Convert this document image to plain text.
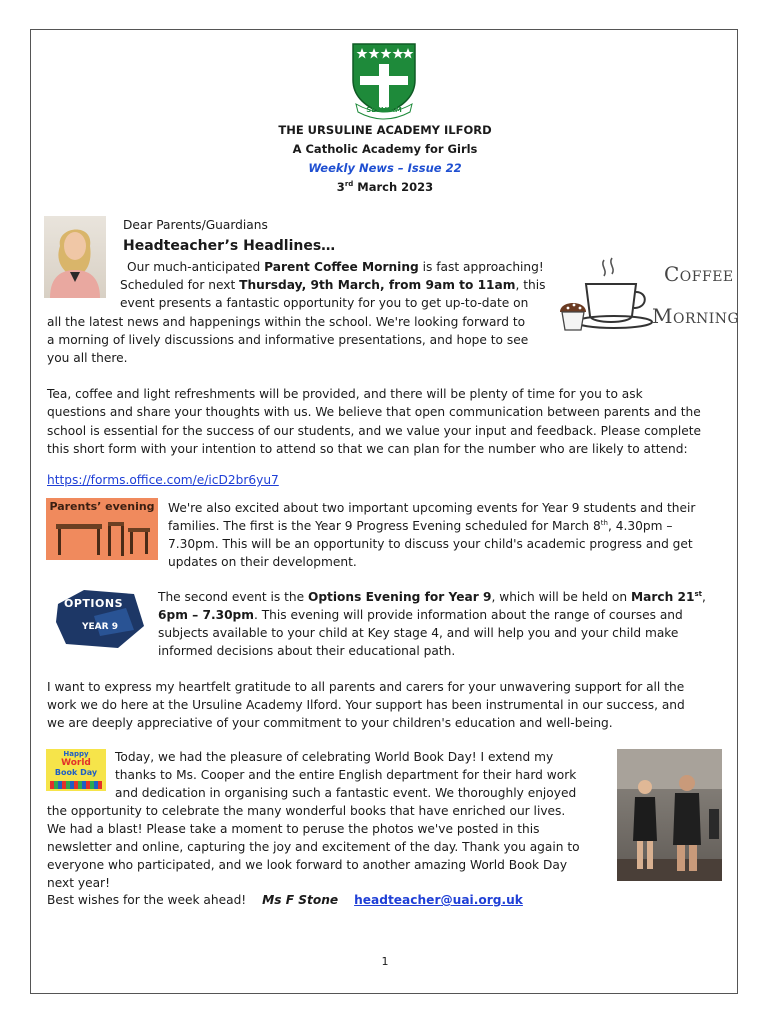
SERVIAM
THE URSULINE ACADEMY ILFORD
A Catholic Academy for Girls
Weekly News – Issue 22
3rd March 2023
Dear Parents/Guardians
Headteacher’s Headlines…
Coffee
Morning
Our much-anticipated Parent Coffee Morning is fast approaching!
Scheduled for next Thursday, 9th March, from 9am to 11am, this
event presents a fantastic opportunity for you to get up-to-date on
all the latest news and happenings within the school. We're looking forward to
a morning of lively discussions and informative presentations, and hope to see
you all there.
Tea, coffee and light refreshments will be provided, and there will be plenty of time for you to ask
questions and share your thoughts with us. We believe that open communication between parents and the
school is essential for the success of our students, and we value your input and feedback. Please complete
this short form with your intention to attend so that we can plan for the number who are likely to attend:
https://forms.office.com/e/icD2br6yu7
Parents’ evening We're also excited about two important upcoming events for Year 9 students and their
families. The first is the Year 9 Progress Evening scheduled for March 8th, 4.30pm –
7.30pm. This will be an opportunity to discuss your child's academic progress and get
updates on their development.
OPTIONS
YEAR 9
The second event is the Options Evening for Year 9, which will be held on March 21st,
6pm – 7.30pm. This evening will provide information about the range of courses and
subjects available to your child at Key stage 4, and will help you and your child make
informed decisions about their educational path.
I want to express my heartfelt gratitude to all parents and carers for your unwavering support for all the
work we do here at the Ursuline Academy Ilford. Your support has been instrumental in our success, and
we are deeply appreciative of your commitment to your children's education and well-being.
Happy
World
Book Day
Today, we had the pleasure of celebrating World Book Day! I extend my
thanks to Ms. Cooper and the entire English department for their hard work
and dedication in organising such a fantastic event. We thoroughly enjoyed
the opportunity to celebrate the many wonderful books that have enriched our lives.
We had a blast! Please take a moment to peruse the photos we've posted in this
newsletter and online, capturing the joy and excitement of the day. Thank you again to
everyone who participated, and we look forward to another amazing World Book Day
next year!
Best wishes for the week ahead! Ms F Stone headteacher@uai.org.uk
1
